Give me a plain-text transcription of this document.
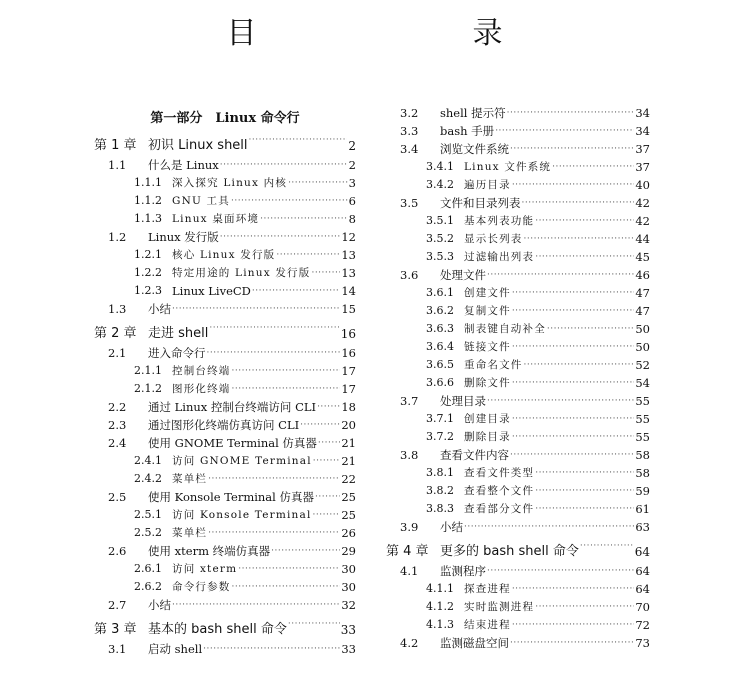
目　　录
第一部分　Linux 命令行
第 1 章 初识 Linux shell ·····	2
1.1	什么是 Linux ·····	2
1.1.1 深入探究 Linux 内核 ·····	3
1.1.2 GNU 工具 ·····	6
1.1.3 Linux 桌面环境 ·····	8
1.2	Linux 发行版 ·····	12
1.2.1 核心 Linux 发行版 ·····	13
1.2.2 特定用途的 Linux 发行版 ·····	13
1.2.3 Linux LiveCD ·····	14
1.3	小结 ·····	15
第 2 章 走进 shell ·····	16
2.1	进入命令行 ·····	16
2.1.1 控制台终端 ·····	17
2.1.2 图形化终端 ·····	17
2.2	通过 Linux 控制台终端访问 CLI ····· 18
2.3	通过图形化终端仿真访问 CLI ·····	20
2.4	使用 GNOME Terminal 仿真器 ····· 21
2.4.1 访问 GNOME Terminal ·····	21
2.4.2 菜单栏 ·····	22
2.5	使用 Konsole Terminal 仿真器 ····· 25
2.5.1 访问 Konsole Terminal ·····	25
2.5.2 菜单栏 ·····	26
2.6	使用 xterm 终端仿真器 ·····	29
2.6.1 访问 xterm ·····	30
2.6.2 命令行参数 ·····	30
2.7	小结 ·····	32
第 3 章 基本的 bash shell 命令 ·····	33
3.1	启动 shell ·····	33
3.2	shell 提示符 ·····	34
3.3	bash 手册 ·····	34
3.4	浏览文件系统 ·····	37
3.4.1 Linux 文件系统 ·····	37
3.4.2 遍历目录 ·····	40
3.5	文件和目录列表 ·····	42
3.5.1 基本列表功能 ·····	42
3.5.2 显示长列表 ·····	44
3.5.3 过滤输出列表 ·····	45
3.6	处理文件 ·····	46
3.6.1 创建文件 ·····	47
3.6.2 复制文件 ·····	47
3.6.3 制表键自动补全 ·····	50
3.6.4 链接文件 ·····	50
3.6.5 重命名文件 ·····	52
3.6.6 删除文件 ·····	54
3.7	处理目录 ·····	55
3.7.1 创建目录 ·····	55
3.7.2 删除目录 ·····	55
3.8	查看文件内容 ·····	58
3.8.1 查看文件类型 ·····	58
3.8.2 查看整个文件 ·····	59
3.8.3 查看部分文件 ·····	61
3.9	小结 ·····	63
第 4 章 更多的 bash shell 命令 ·····	64
4.1	监测程序 ·····	64
4.1.1 探查进程 ·····	64
4.1.2 实时监测进程 ·····	70
4.1.3 结束进程 ·····	72
4.2	监测磁盘空间 ·····	73
